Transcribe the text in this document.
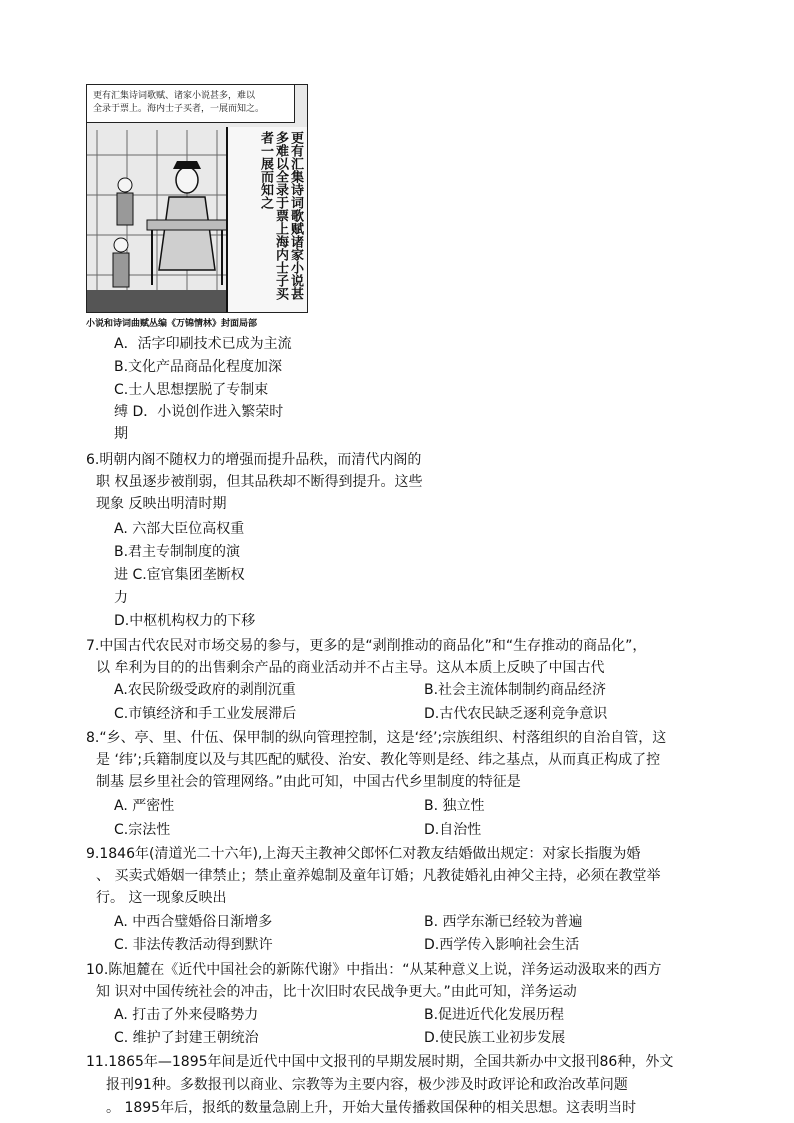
更有汇集诗词歌赋、诸家小说甚多，难以
全录于票上。海内士子买者，一展而知之。
更有汇集诗词歌赋诸家小说甚多难以全录于票上海内士子买者一展而知之
小说和诗词曲赋丛编《万锦情林》封面局部
A．活字印刷技术已成为主流
B.文化产品商品化程度加深
C.士人思想摆脱了专制束
缚 D．小说创作进入繁荣时
期
6.明朝内阁不随权力的增强而提升品秩，而清代内阁的
职 权虽逐步被削弱，但其品秩却不断得到提升。这些
现象 反映出明清时期
A. 六部大臣位高权重
B.君主专制制度的演
进 C.宦官集团垄断权
力
D.中枢机构权力的下移
7.中国古代农民对市场交易的参与，更多的是“剥削推动的商品化”和“生存推动的商品化”，
以 牟利为目的的出售剩余产品的商业活动并不占主导。这从本质上反映了中国古代
A.农民阶级受政府的剥削沉重	B.社会主流体制制约商品经济
C.市镇经济和手工业发展滞后	D.古代农民缺乏逐利竞争意识
8.“乡、亭、里、什伍、保甲制的纵向管理控制，这是‘经’;宗族组织、村落组织的自治自管，这
是 ‘纬’;兵籍制度以及与其匹配的赋役、治安、教化等则是经、纬之基点，从而真正构成了控
制基 层乡里社会的管理网络。”由此可知，中国古代乡里制度的特征是
A. 严密性	B. 独立性
C.宗法性	D.自治性
9.1846年(清道光二十六年),上海天主教神父郎怀仁对教友结婚做出规定：对家长指腹为婚
、 买卖式婚姻一律禁止；禁止童养媳制及童年订婚；凡教徒婚礼由神父主持，必须在教堂举
行。 这一现象反映出
A. 中西合璧婚俗日渐增多	B. 西学东渐已经较为普遍
C. 非法传教活动得到默许	D.西学传入影响社会生活
10.陈旭麓在《近代中国社会的新陈代谢》中指出：“从某种意义上说，洋务运动汲取来的西方
知 识对中国传统社会的冲击，比十次旧时农民战争更大。”由此可知，洋务运动
A. 打击了外来侵略势力	B.促进近代化发展历程
C. 维护了封建王朝统治	D.使民族工业初步发展
11.1865年—1895年间是近代中国中文报刊的早期发展时期，全国共新办中文报刊86种，外文
报刊91种。多数报刊以商业、宗教等为主要内容，极少涉及时政评论和政治改革问题
。 1895年后，报纸的数量急剧上升，开始大量传播救国保种的相关思想。这表明当时
